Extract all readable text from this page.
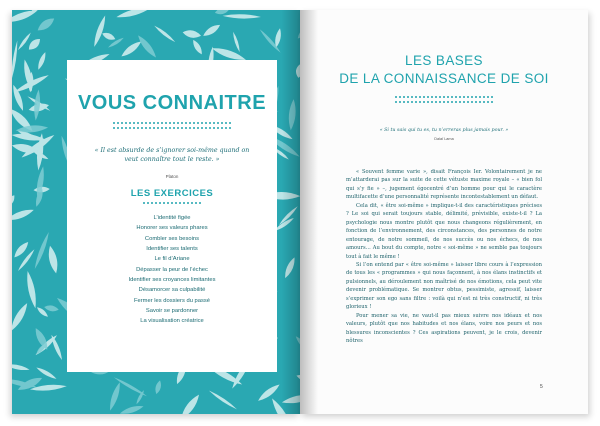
VOUS CONNAITRE
« Il est absurde de s’ignorer soi-même quand on veut connaître tout le reste. »
Platon
LES EXERCICES
L’identité figée
Honorer ses valeurs phares
Combler ses besoins
Identifier ses talents
Le fil d’Ariane
Dépasser la peur de l’échec
Identifier ses croyances limitantes
Désamorcer sa culpabilité
Fermer les dossiers du passé
Savoir se pardonner
La visualisation créatrice
LES BASES
DE LA CONNAISSANCE DE SOI
« Si tu sais qui tu es, tu n’erreras plus jamais pour. »
Dalaï Lama

« Souvent femme varie », disait François Ier. Volontairement je ne m’attarderai pas sur la suite de cette vétuste maxime royale – « bien fol qui s’y fie » –, jugement égocentré d’un homme pour qui le caractère multifacette d’une personnalité représente incontestablement un défaut.

Cela dit, « être soi-même » implique-t-il des caractéristiques précises ? Le soi qui serait toujours stable, délimité, prévisible, existe-t-il ? La psychologie nous montre plutôt que nous changeons régulièrement, en fonction de l’environnement, des circonstances, des personnes de notre entourage, de notre sommeil, de nos succès ou nos échecs, de nos amours… Au bout du compte, notre « soi-même » ne semble pas toujours tout à fait le même !

Si l’on entend par « être soi-même » laisser libre cours à l’expression de tous les « programmes » qui nous façonnent, à nos élans instinctifs et pulsionnels, au déroulement non maîtrisé de nos émotions, cela peut vite devenir problématique. Se montrer obtus, pessimiste, agressif, laisser s’exprimer son ego sans filtre : voilà qui n’est ni très constructif, ni très glorieux !

Pour mener sa vie, ne vaut-il pas mieux suivre nos idéaux et nos valeurs, plutôt que nos habitudes et nos élans, voire nos peurs et nos blessures inconscientes ? Ces aspirations peuvent, je le crois, devenir nôtres

5
